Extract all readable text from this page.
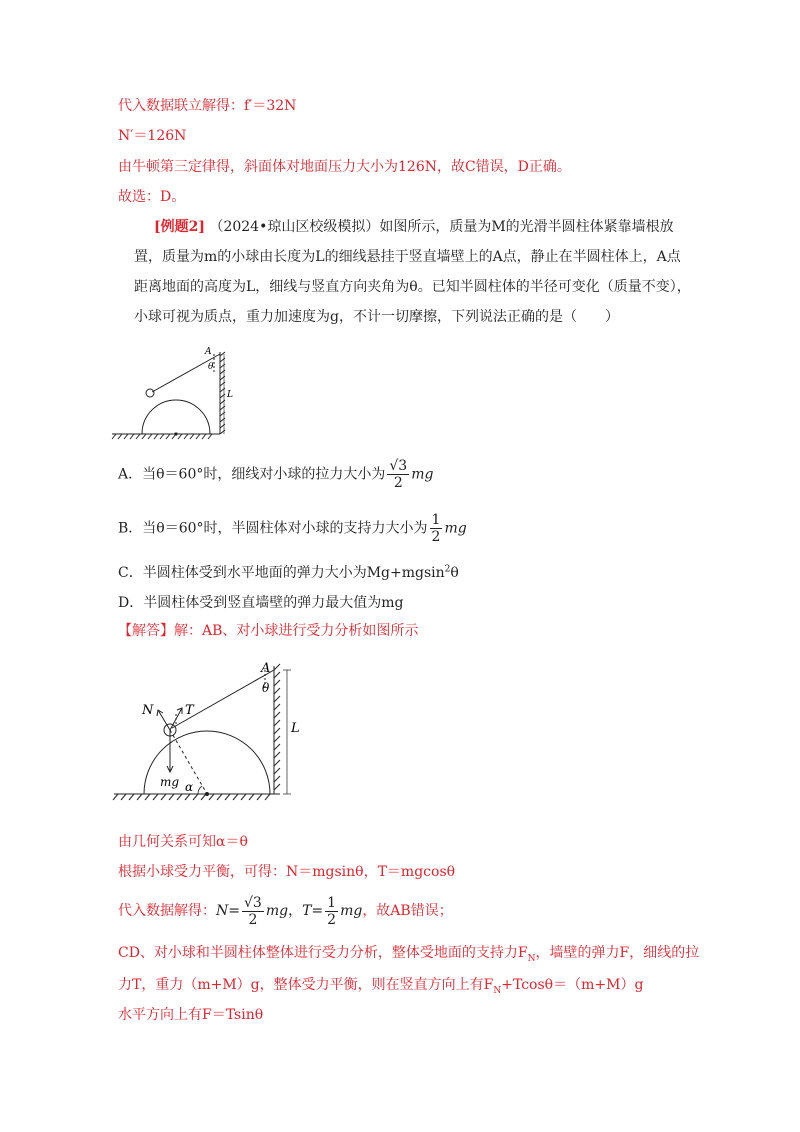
代入数据联立解得：f′＝32N
N′＝126N
由牛顿第三定律得，斜面体对地面压力大小为126N，故C错误，D正确。
故选：D。
[例题2] （2024•琼山区校级模拟）如图所示，质量为M的光滑半圆柱体紧靠墙根放置，质量为m的小球由长度为L的细线悬挂于竖直墙壁上的A点，静止在半圆柱体上，A点距离地面的高度为L，细线与竖直方向夹角为θ。已知半圆柱体的半径可变化（质量不变），小球可视为质点，重力加速度为g，不计一切摩擦，下列说法正确的是（　　）
A
θ
L
A．当θ＝60°时，细线对小球的拉力大小为 $\frac{√3}{2}$ mg
B．当θ＝60°时，半圆柱体对小球的支持力大小为 $\frac{1}{2}$ mg
C．半圆柱体受到水平地面的弹力大小为Mg+mgsin$^2$θ
D．半圆柱体受到竖直墙壁的弹力最大值为mg
【解答】解：AB、对小球进行受力分析如图所示
A
θ
L
N T
mg α
由几何关系可知α＝θ
根据小球受力平衡，可得：N＝mgsinθ，T＝mgcosθ
代入数据解得：$N= \frac{√3}{2}$ mg，$T= \frac{1}{2}$ mg，故AB错误；
CD、对小球和半圆柱体整体进行受力分析，整体受地面的支持力$F_N$，墙壁的弹力F，细线的拉
力T，重力（m+M）g，整体受力平衡，则在竖直方向上有$F_N+Tcos\theta=(m+M)g$
水平方向上有F＝Tsinθ
